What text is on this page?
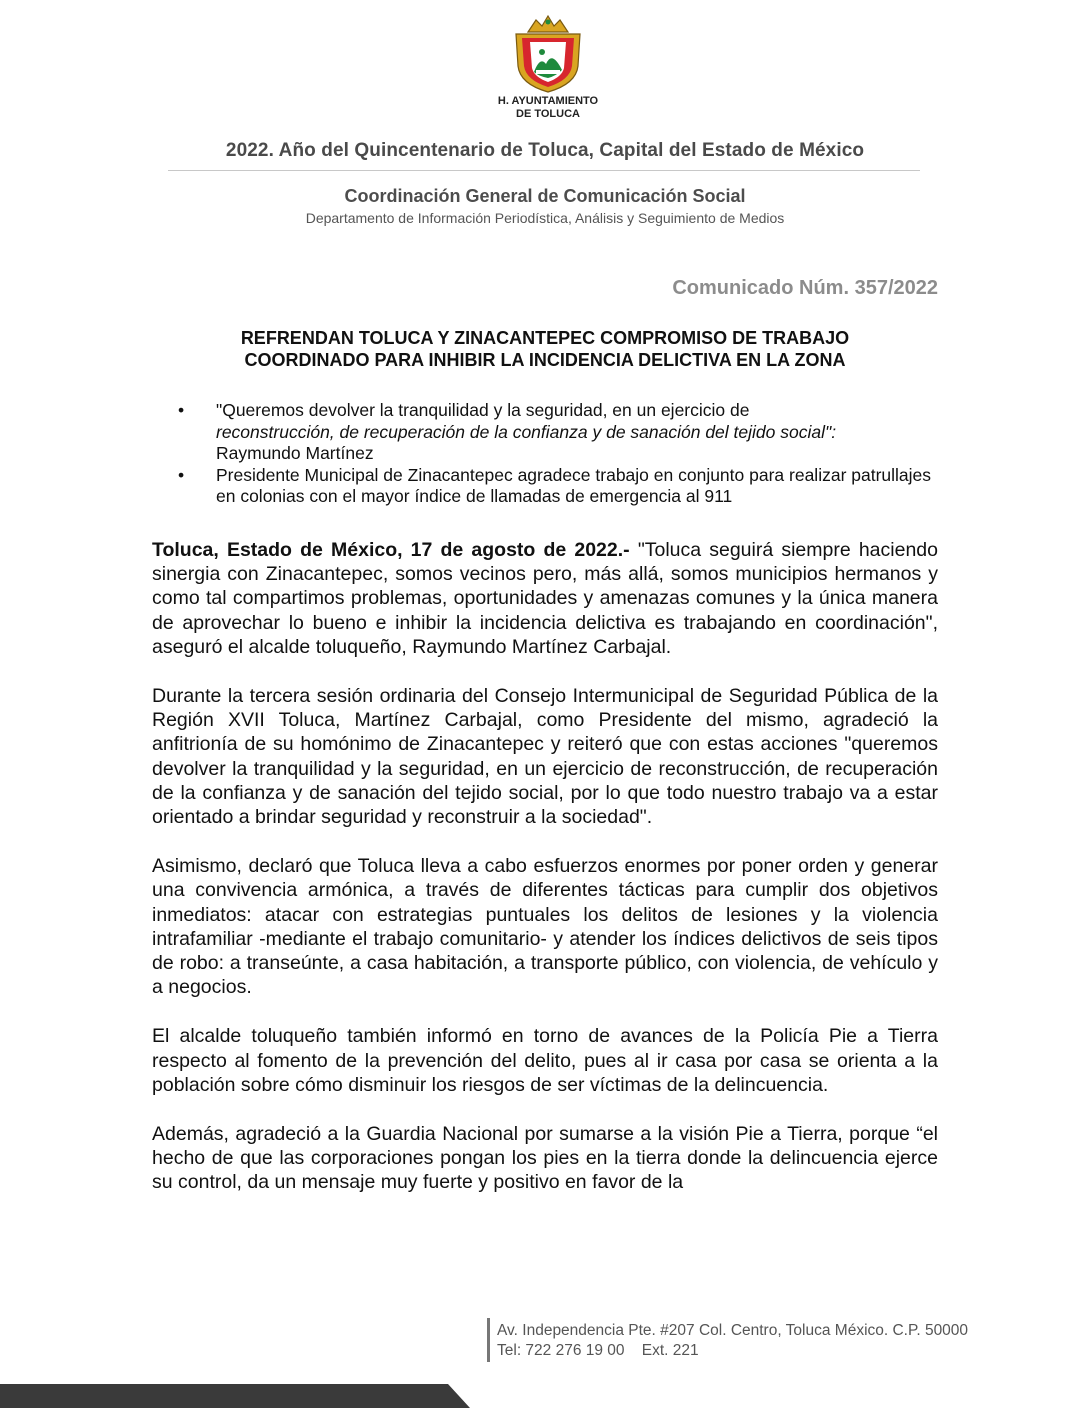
H. AYUNTAMIENTO
DE TOLUCA
2022. Año del Quincentenario de Toluca, Capital del Estado de México
Coordinación General de Comunicación Social
Departamento de Información Periodística, Análisis y Seguimiento de Medios
Comunicado Núm. 357/2022
REFRENDAN TOLUCA Y ZINACANTEPEC COMPROMISO DE TRABAJO
COORDINADO PARA INHIBIR LA INCIDENCIA DELICTIVA EN LA ZONA
• "Queremos devolver la tranquilidad y la seguridad, en un ejercicio de
reconstrucción, de recuperación de la confianza y de sanación del tejido social":
Raymundo Martínez
• Presidente Municipal de Zinacantepec agradece trabajo en conjunto para realizar patrullajes en colonias con el mayor índice de llamadas de emergencia al 911

Toluca, Estado de México, 17 de agosto de 2022.- "Toluca seguirá siempre haciendo sinergia con Zinacantepec, somos vecinos pero, más allá, somos municipios hermanos y como tal compartimos problemas, oportunidades y amenazas comunes y la única manera de aprovechar lo bueno e inhibir la incidencia delictiva es trabajando en coordinación", aseguró el alcalde toluqueño, Raymundo Martínez Carbajal.

Durante la tercera sesión ordinaria del Consejo Intermunicipal de Seguridad Pública de la Región XVII Toluca, Martínez Carbajal, como Presidente del mismo, agradeció la anfitrionía de su homónimo de Zinacantepec y reiteró que con estas acciones "queremos devolver la tranquilidad y la seguridad, en un ejercicio de reconstrucción, de recuperación de la confianza y de sanación del tejido social, por lo que todo nuestro trabajo va a estar orientado a brindar seguridad y reconstruir a la sociedad".

Asimismo, declaró que Toluca lleva a cabo esfuerzos enormes por poner orden y generar una convivencia armónica, a través de diferentes tácticas para cumplir dos objetivos inmediatos: atacar con estrategias puntuales los delitos de lesiones y la violencia intrafamiliar -mediante el trabajo comunitario- y atender los índices delictivos de seis tipos de robo: a transeúnte, a casa habitación, a transporte público, con violencia, de vehículo y a negocios.

El alcalde toluqueño también informó en torno de avances de la Policía Pie a Tierra respecto al fomento de la prevención del delito, pues al ir casa por casa se orienta a la población sobre cómo disminuir los riesgos de ser víctimas de la delincuencia.

Además, agradeció a la Guardia Nacional por sumarse a la visión Pie a Tierra, porque “el hecho de que las corporaciones pongan los pies en la tierra donde la delincuencia ejerce su control, da un mensaje muy fuerte y positivo en favor de la

Av. Independencia Pte. #207 Col. Centro, Toluca México. C.P. 50000
Tel: 722 276 19 00    Ext. 221
